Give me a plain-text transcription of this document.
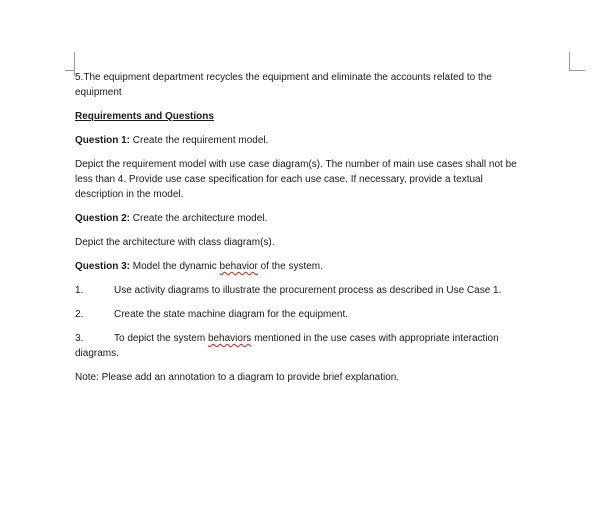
5.The equipment department recycles the equipment and eliminate the accounts related to the

equipment

Requirements and Questions

Question 1: Create the requirement model.

Depict the requirement model with use case diagram(s). The number of main use cases shall not be

less than 4. Provide use case specification for each use case. If necessary, provide a textual

description in the model.

Question 2: Create the architecture model.

Depict the architecture with class diagram(s).

Question 3: Model the dynamic behavior of the system.

1.	Use activity diagrams to illustrate the procurement process as described in Use Case 1.
2.	Create the state machine diagram for the equipment.
3.	To depict the system behaviors mentioned in the use cases with appropriate interaction

diagrams.

Note: Please add an annotation to a diagram to provide brief explanation.
